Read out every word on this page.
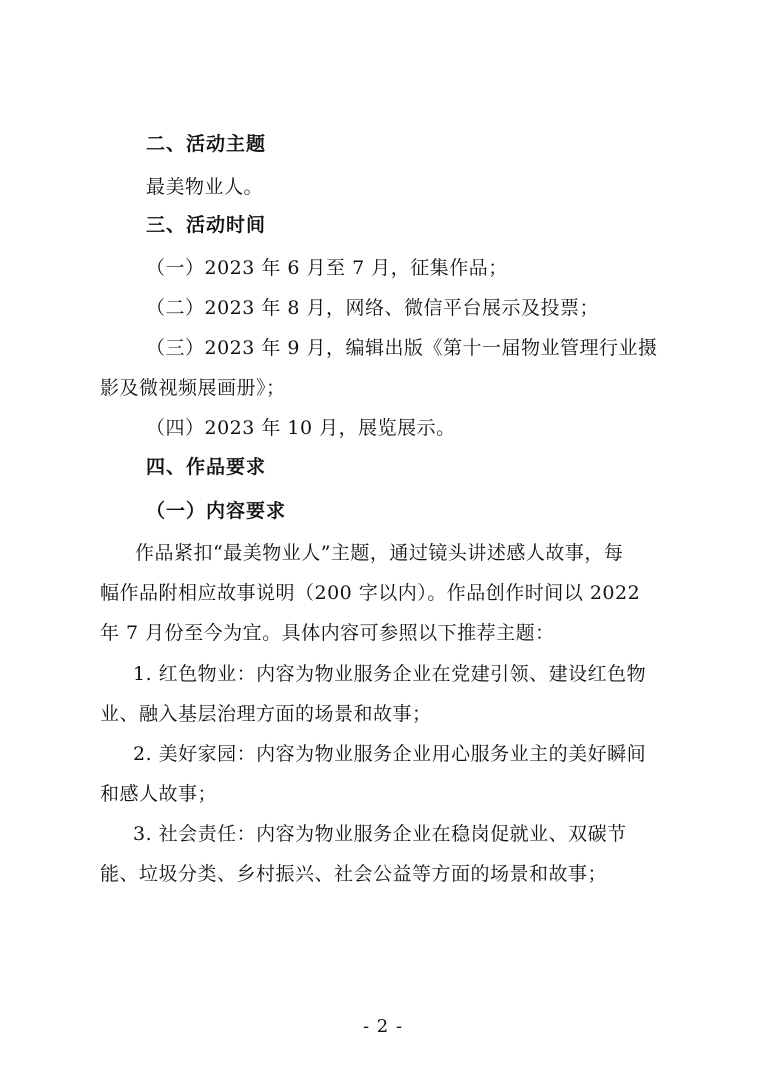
二、活动主题
最美物业人。
三、活动时间
（一）2023 年 6 月至 7 月，征集作品；
（二）2023 年 8 月，网络、微信平台展示及投票；
（三）2023 年 9 月，编辑出版《第十一届物业管理行业摄
影及微视频展画册》；
（四）2023 年 10 月，展览展示。
四、作品要求
（一）内容要求
作品紧扣“最美物业人”主题，通过镜头讲述感人故事，每
幅作品附相应故事说明（200 字以内）。作品创作时间以 2022
年 7 月份至今为宜。具体内容可参照以下推荐主题：
1. 红色物业：内容为物业服务企业在党建引领、建设红色物
业、融入基层治理方面的场景和故事；
2. 美好家园：内容为物业服务企业用心服务业主的美好瞬间
和感人故事；
3. 社会责任：内容为物业服务企业在稳岗促就业、双碳节
能、垃圾分类、乡村振兴、社会公益等方面的场景和故事；
- 2 -
